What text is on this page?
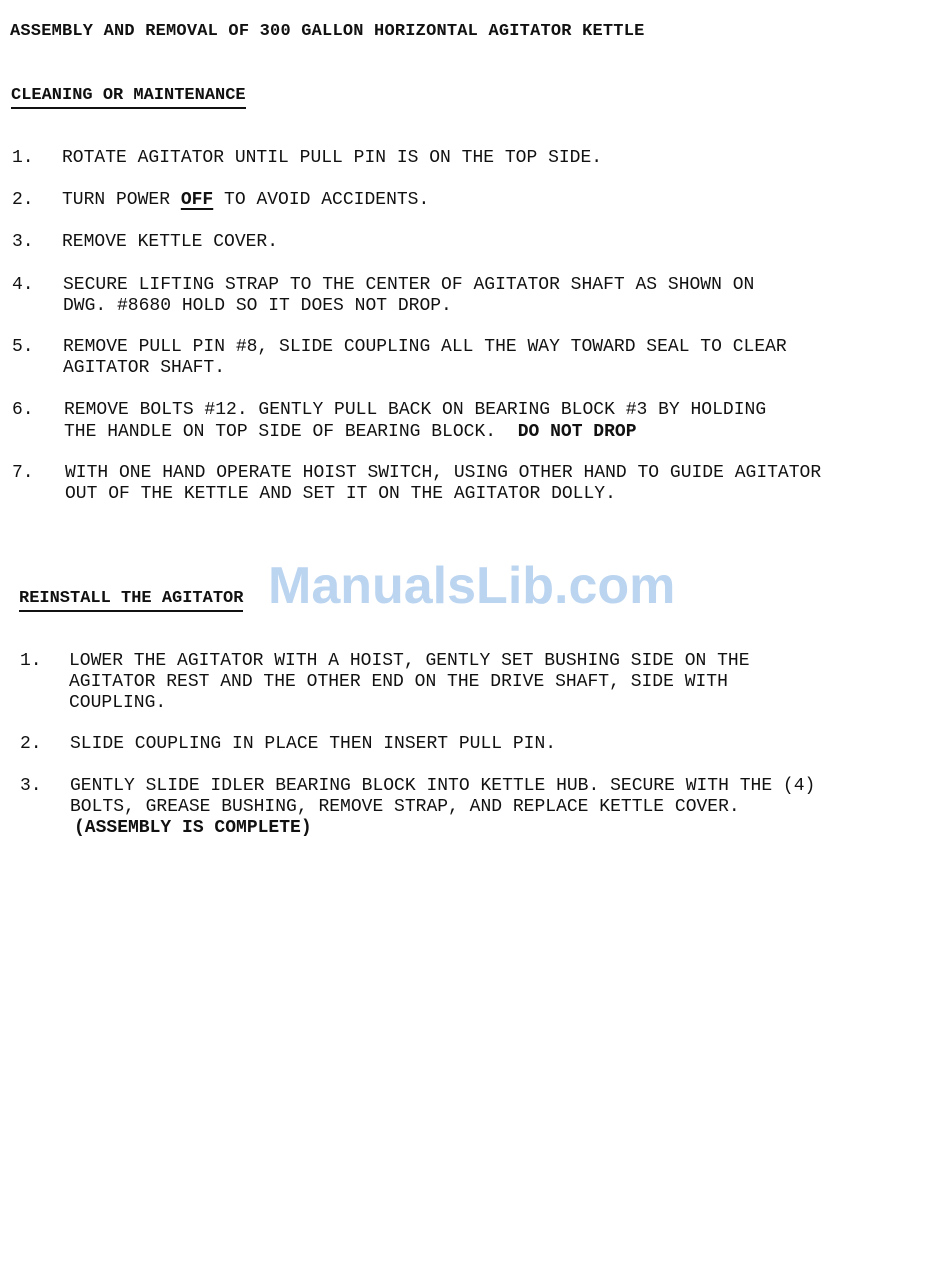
ASSEMBLY AND REMOVAL OF 300 GALLON HORIZONTAL AGITATOR KETTLE
CLEANING OR MAINTENANCE
1. ROTATE AGITATOR UNTIL PULL PIN IS ON THE TOP SIDE.
2. TURN POWER OFF TO AVOID ACCIDENTS.
3. REMOVE KETTLE COVER.
4. SECURE LIFTING STRAP TO THE CENTER OF AGITATOR SHAFT AS SHOWN ON
DWG. #8680 HOLD SO IT DOES NOT DROP.
5. REMOVE PULL PIN #8, SLIDE COUPLING ALL THE WAY TOWARD SEAL TO CLEAR
AGITATOR SHAFT.
6. REMOVE BOLTS #12. GENTLY PULL BACK ON BEARING BLOCK #3 BY HOLDING
THE HANDLE ON TOP SIDE OF BEARING BLOCK.  DO NOT DROP
7. WITH ONE HAND OPERATE HOIST SWITCH, USING OTHER HAND TO GUIDE AGITATOR
OUT OF THE KETTLE AND SET IT ON THE AGITATOR DOLLY.
ManualsLib.com
REINSTALL THE AGITATOR
1. LOWER THE AGITATOR WITH A HOIST, GENTLY SET BUSHING SIDE ON THE
AGITATOR REST AND THE OTHER END ON THE DRIVE SHAFT, SIDE WITH
COUPLING.
2. SLIDE COUPLING IN PLACE THEN INSERT PULL PIN.
3. GENTLY SLIDE IDLER BEARING BLOCK INTO KETTLE HUB. SECURE WITH THE (4)
BOLTS, GREASE BUSHING, REMOVE STRAP, AND REPLACE KETTLE COVER.
(ASSEMBLY IS COMPLETE)
